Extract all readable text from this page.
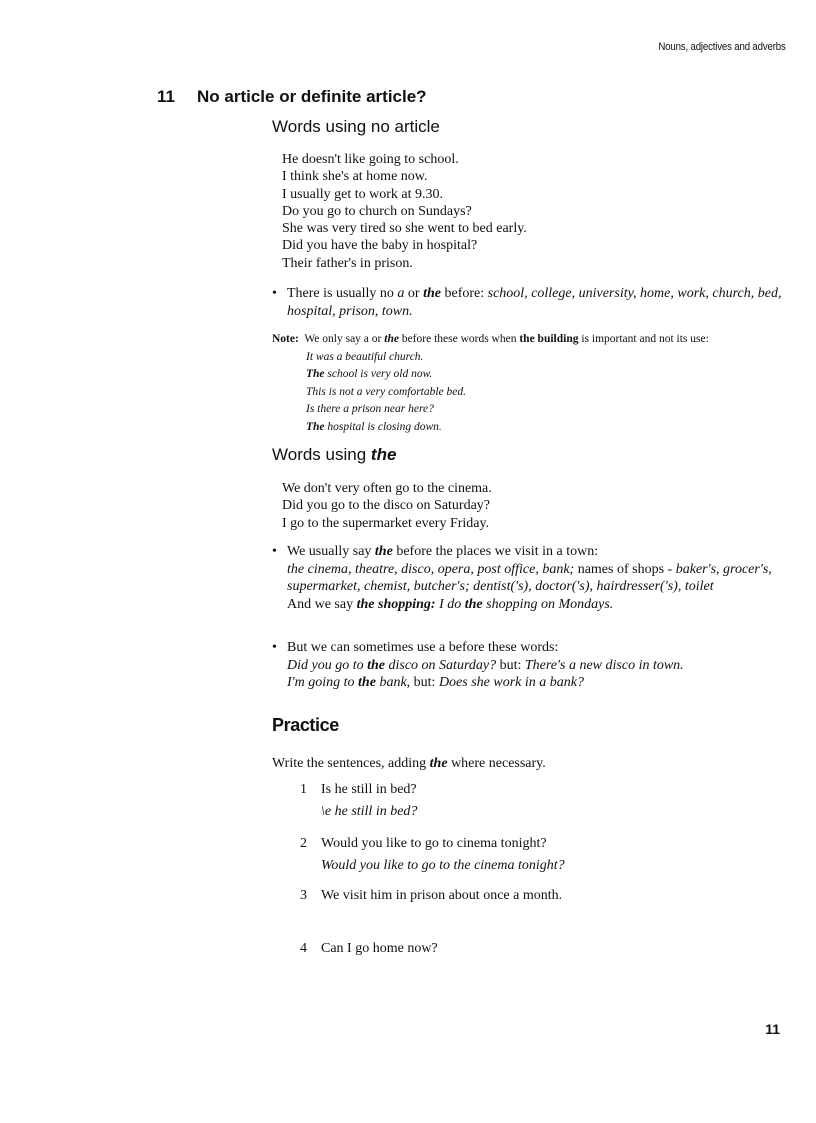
Nouns, adjectives and adverbs
11 No article or definite article?
Words using no article

He doesn't like going to school.

I think she's at home now.

I usually get to work at 9.30.

Do you go to church on Sundays?

She was very tired so she went to bed early.

Did you have the baby in hospital?

Their father's in prison.

• There is usually no a or the before: school, college, university, home, work, church, bed, hospital, prison, town.
Note: We only say a or the before these words when the building is important and not its use:
It was a beautiful church.
The school is very old now.
This is not a very comfortable bed.
Is there a prison near here?
The hospital is closing down.
Words using the

We don't very often go to the cinema.

Did you go to the disco on Saturday?

I go to the supermarket every Friday.

• We usually say the before the places we visit in a town:
the cinema, theatre, disco, opera, post office, bank; names of shops - baker's, grocer's, supermarket, chemist, butcher's; dentist('s), doctor('s), hairdresser('s), toilet
And we say the shopping: I do the shopping on Mondays.
• But we can sometimes use a before these words:
Did you go to the disco on Saturday? but: There's a new disco in town.
I'm going to the bank, but: Does she work in a bank?
Practice
Write the sentences, adding the where necessary.
1 Is he still in bed?
\e he still in bed?
2 Would you like to go to cinema tonight?
Would you like to go to the cinema tonight?
3 We visit him in prison about once a month.
4 Can I go home now?
11
